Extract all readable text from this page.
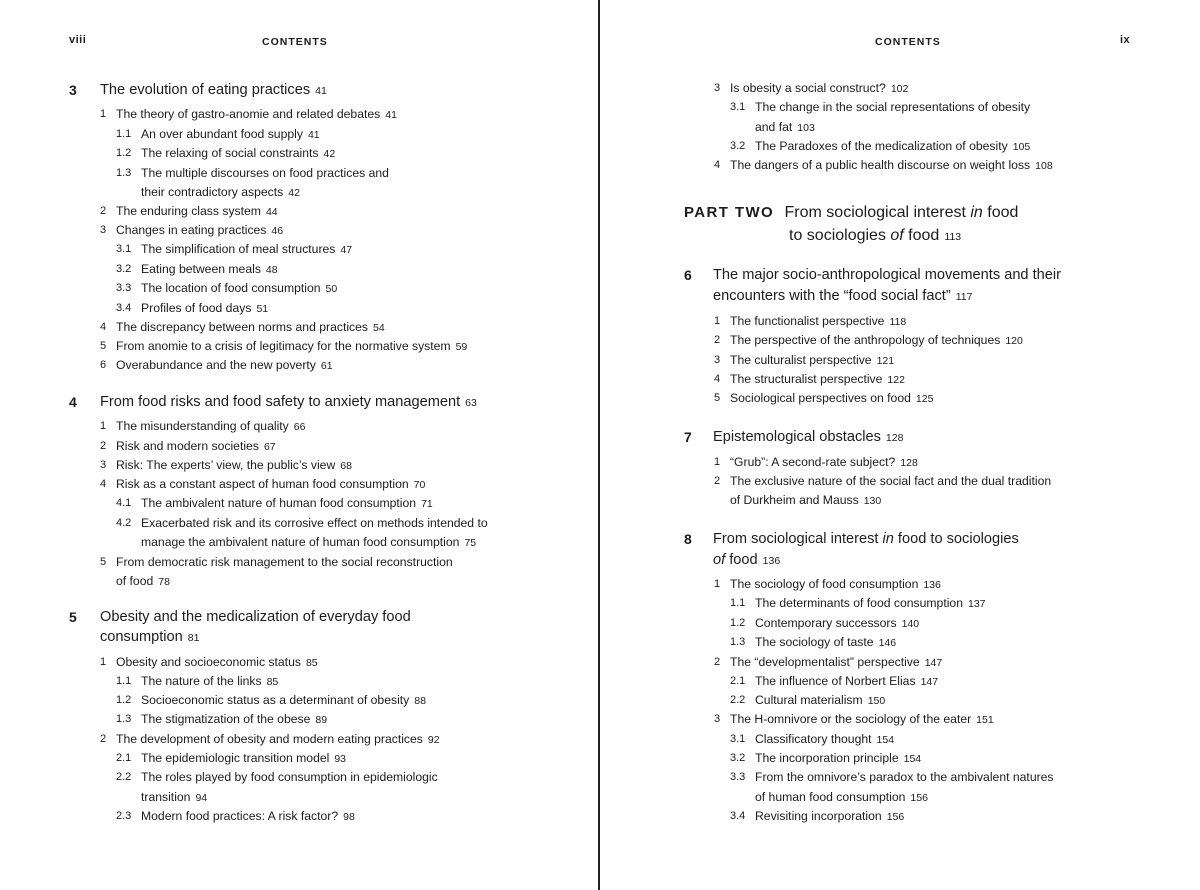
viii	CONTENTS
3 The evolution of eating practices 41
1 The theory of gastro-anomie and related debates 41
1.1 An over abundant food supply 41
1.2 The relaxing of social constraints 42
1.3 The multiple discourses on food practices and
their contradictory aspects 42
2 The enduring class system 44
3 Changes in eating practices 46
3.1 The simplification of meal structures 47
3.2 Eating between meals 48
3.3 The location of food consumption 50
3.4 Profiles of food days 51
4 The discrepancy between norms and practices 54
5 From anomie to a crisis of legitimacy for the normative system 59
6 Overabundance and the new poverty 61
4 From food risks and food safety to anxiety management 63
1 The misunderstanding of quality 66
2 Risk and modern societies 67
3 Risk: The experts’ view, the public’s view 68
4 Risk as a constant aspect of human food consumption 70
4.1 The ambivalent nature of human food consumption 71
4.2 Exacerbated risk and its corrosive effect on methods intended to
manage the ambivalent nature of human food consumption 75
5 From democratic risk management to the social reconstruction
of food 78
5 Obesity and the medicalization of everyday food
consumption 81
1 Obesity and socioeconomic status 85
1.1 The nature of the links 85
1.2 Socioeconomic status as a determinant of obesity 88
1.3 The stigmatization of the obese 89
2 The development of obesity and modern eating practices 92
2.1 The epidemiologic transition model 93
2.2 The roles played by food consumption in epidemiologic
transition 94
2.3 Modern food practices: A risk factor? 98
CONTENTS	ix
3 Is obesity a social construct? 102
3.1 The change in the social representations of obesity
and fat 103
3.2 The Paradoxes of the medicalization of obesity 105
4 The dangers of a public health discourse on weight loss 108
PART TWO From sociological interest in food
to sociologies of food 113
6 The major socio-anthropological movements and their
encounters with the “food social fact” 117
1 The functionalist perspective 118
2 The perspective of the anthropology of techniques 120
3 The culturalist perspective 121
4 The structuralist perspective 122
5 Sociological perspectives on food 125
7 Epistemological obstacles 128
1 “Grub”: A second-rate subject? 128
2 The exclusive nature of the social fact and the dual tradition
of Durkheim and Mauss 130
8 From sociological interest in food to sociologies
of food 136
1 The sociology of food consumption 136
1.1 The determinants of food consumption 137
1.2 Contemporary successors 140
1.3 The sociology of taste 146
2 The “developmentalist” perspective 147
2.1 The influence of Norbert Elias 147
2.2 Cultural materialism 150
3 The H-omnivore or the sociology of the eater 151
3.1 Classificatory thought 154
3.2 The incorporation principle 154
3.3 From the omnivore’s paradox to the ambivalent natures
of human food consumption 156
3.4 Revisiting incorporation 156
